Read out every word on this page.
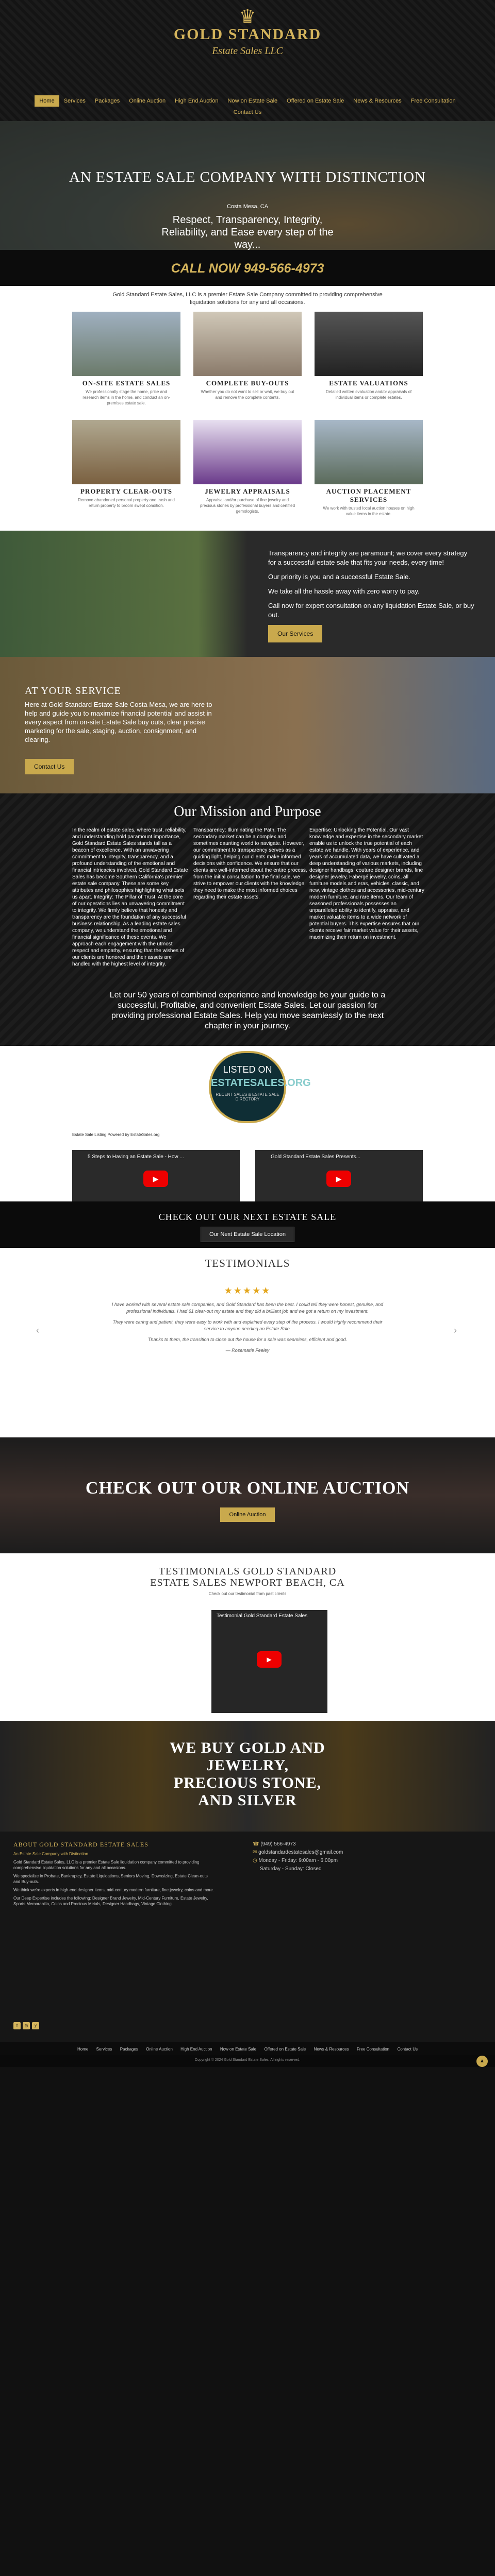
♛
GOLD STANDARD
Estate Sales LLC
Home	Services	Packages	Online Auction	High End Auction	Now on Estate Sale	Offered on Estate Sale	News & Resources	Free Consultation
Contact Us
AN ESTATE SALE COMPANY WITH DISTINCTION
Costa Mesa, CA
Respect, Transparency, Integrity, Reliability, and Ease every step of the way...
CALL NOW 949-566-4973
Gold Standard Estate Sales, LLC is a premier Estate Sale Company committed to providing comprehensive liquidation solutions for any and all occasions.
ON-SITE ESTATE SALES

We professionally stage the home, price and research items in the home, and conduct an on-premises estate sale.

COMPLETE BUY-OUTS

Whether you do not want to sell or wait, we buy out and remove the complete contents.

ESTATE VALUATIONS

Detailed written evaluation and/or appraisals of individual items or complete estates.

PROPERTY CLEAR-OUTS

Remove abandoned personal property and trash and return property to broom swept condition.

JEWELRY APPRAISALS

Appraisal and/or purchase of fine jewelry and precious stones by professional buyers and certified gemologists.

AUCTION PLACEMENT SERVICES

We work with trusted local auction houses on high value items in the estate.

Transparency and integrity are paramount; we cover every strategy for a successful estate sale that fits your needs, every time!

Our priority is you and a successful Estate Sale.

We take all the hassle away with zero worry to pay.

Call now for expert consultation on any liquidation Estate Sale, or buy out.

Our Services
AT YOUR SERVICE

Here at Gold Standard Estate Sale Costa Mesa, we are here to help and guide you to maximize financial potential and assist in every aspect from on-site Estate Sale buy outs, clear precise marketing for the sale, staging, auction, consignment, and clearing.

Contact Us
Our Mission and Purpose
In the realm of estate sales, where trust, reliability, and understanding hold paramount importance, Gold Standard Estate Sales stands tall as a beacon of excellence. With an unwavering commitment to integrity, transparency, and a profound understanding of the emotional and financial intricacies involved, Gold Standard Estate Sales has become Southern California's premier estate sale company. These are some key attributes and philosophies highlighting what sets us apart. Integrity: The Pillar of Trust. At the core of our operations lies an unwavering commitment to integrity. We firmly believe that honesty and transparency are the foundation of any successful business relationship. As a leading estate sales company, we understand the emotional and financial significance of these events. We approach each engagement with the utmost respect and empathy, ensuring that the wishes of our clients are honored and their assets are handled with the highest level of integrity.
Transparency: Illuminating the Path. The secondary market can be a complex and sometimes daunting world to navigate. However, our commitment to transparency serves as a guiding light, helping our clients make informed decisions with confidence. We ensure that our clients are well-informed about the entire process, from the initial consultation to the final sale, we strive to empower our clients with the knowledge they need to make the most informed choices regarding their estate assets.
Expertise: Unlocking the Potential. Our vast knowledge and expertise in the secondary market enable us to unlock the true potential of each estate we handle. With years of experience, and years of accumulated data, we have cultivated a deep understanding of various markets, including designer handbags, couture designer brands, fine designer jewelry, Fabergé jewelry, coins, all furniture models and eras, vehicles, classic, and new, vintage clothes and accessories, mid-century modern furniture, and rare items. Our team of seasoned professionals possesses an unparalleled ability to identify, appraise, and market valuable items to a wide network of potential buyers. This expertise ensures that our clients receive fair market value for their assets, maximizing their return on investment.
Let our 50 years of combined experience and knowledge be your guide to a successful, Profitable, and convenient Estate Sales. Let our passion for providing professional Estate Sales. Help you move seamlessly to the next chapter in your journey.
LISTED ON
ESTATESALES.ORG
RECENT SALES & ESTATE SALE DIRECTORY
Estate Sale Listing Powered by EstateSales.org
5 Steps to Having an Estate Sale - How ...
▶
Gold Standard Estate Sales Presents...
▶
CHECK OUT OUR NEXT ESTATE SALE
Our Next Estate Sale Location
TESTIMONIALS
★★★★★

I have worked with several estate sale companies, and Gold Standard has been the best. I could tell they were honest, genuine, and professional individuals. I had 61 clear-out my estate and they did a brilliant job and we got a return on my investment.

They were caring and patient, they were easy to work with and explained every step of the process. I would highly recommend their service to anyone needing an Estate Sale.

Thanks to them, the transition to close out the house for a sale was seamless, efficient and good.

— Rosemarie Feeley

‹	›
CHECK OUT OUR ONLINE AUCTION
Online Auction
TESTIMONIALS GOLD STANDARD ESTATE SALES NEWPORT BEACH, CA
Check out our testimonial from past clients
Testimonial Gold Standard Estate Sales
▶
WE BUY GOLD AND JEWELRY, PRECIOUS STONE, AND SILVER
ABOUT GOLD STANDARD ESTATE SALES

An Estate Sale Company with Distinction

Gold Standard Estate Sales, LLC is a premier Estate Sale liquidation company committed to providing comprehensive liquidation solutions for any and all occasions.

We specialize in Probate, Bankruptcy, Estate Liquidations, Seniors Moving, Downsizing, Estate Clean-outs and Buy-outs.

We think we're experts in high-end designer items, mid-century modern furniture, fine jewelry, coins and more.

Our Deep Expertise includes the following: Designer Brand Jewelry, Mid-Century Furniture, Estate Jewelry, Sports Memorabilia, Coins and Precious Metals, Designer Handbags, Vintage Clothing.

☎ (949) 566-4973
✉ goldstandardestatesales@gmail.com
◷ Monday - Friday: 9:00am - 6:00pm
Saturday - Sunday: Closed
f	◎	y
Home Services Packages Online Auction High End Auction Now on Estate Sale Offered on Estate Sale News & Resources Free Consultation Contact Us
Copyright © 2024 Gold Standard Estate Sales. All rights reserved.	▲
